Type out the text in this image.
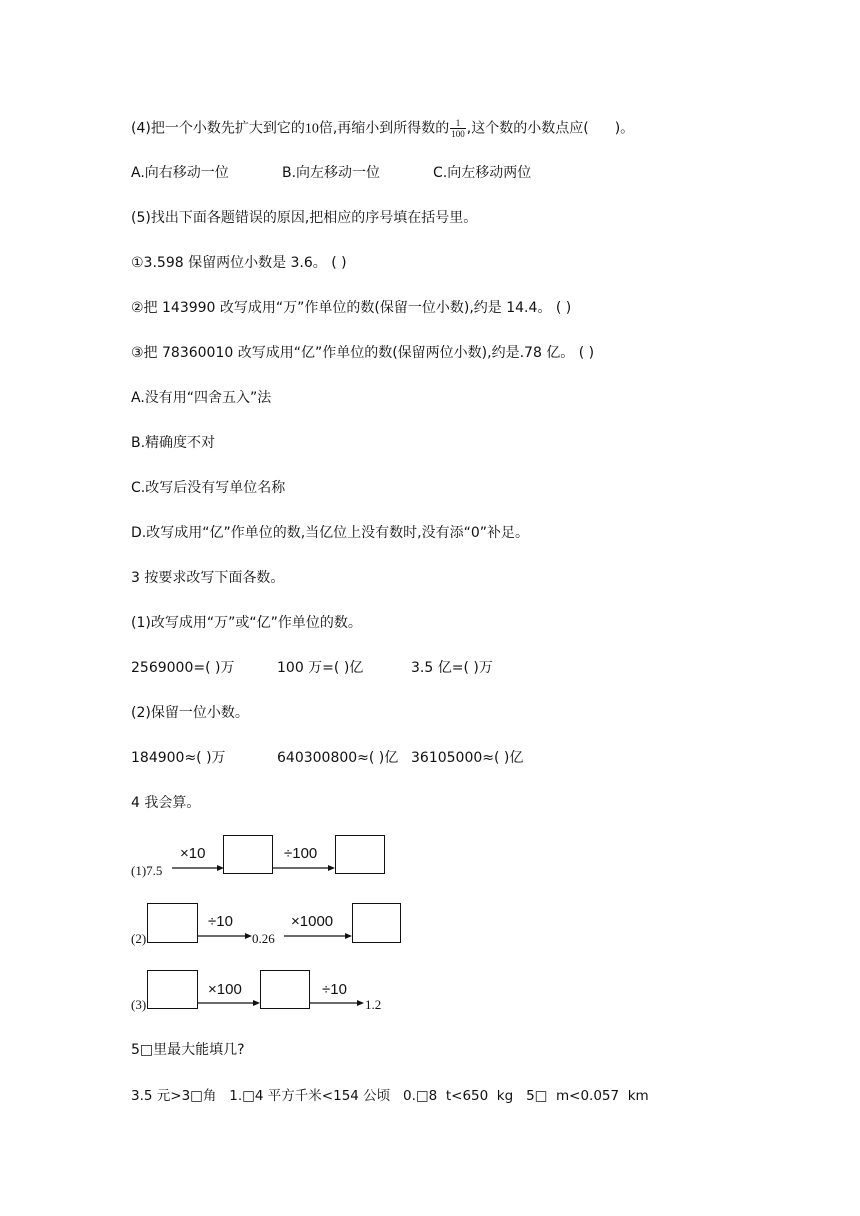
(4)把一个小数先扩大到它的10倍,再缩小到所得数的 $\frac{1}{100}$ ,这个数的小数点应( )。
A.向右移动一位	B.向左移动一位	C.向左移动两位
(5)找出下面各题错误的原因,把相应的序号填在括号里。
①3.598 保留两位小数是 3.6。 ( )
②把 143990 改写成用“万”作单位的数(保留一位小数),约是 14.4。 ( )
③把 78360010 改写成用“亿”作单位的数(保留两位小数),约是.78 亿。 ( )
A.没有用“四舍五入”法
B.精确度不对
C.改写后没有写单位名称
D.改写成用“亿”作单位的数,当亿位上没有数时,没有添“0”补足。
3 按要求改写下面各数。
(1)改写成用“万”或“亿”作单位的数。
2569000=( )万	100 万=( )亿	3.5 亿=( )万
(2)保留一位小数。
184900≈( )万	640300800≈( )亿 36105000≈( )亿
4 我会算。
(1)7.5
×10	÷100
(2)
÷10
0.26
×1000
(3)
×100	÷10
1.2
5□里最大能填几?
3.5 元>3□角   1.□4 平方千米<154 公顷   0.□8  t<650  kg   5□  m<0.057  km
